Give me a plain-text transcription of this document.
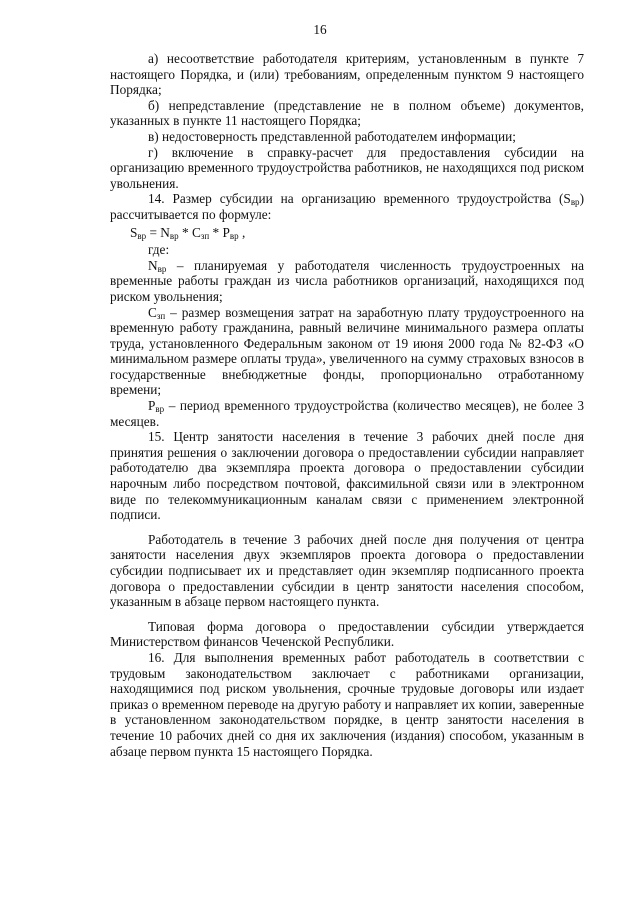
16

а) несоответствие работодателя критериям, установленным в пункте 7 настоящего Порядка, и (или) требованиям, определенным пунктом 9 настоящего Порядка;

б) непредставление (представление не в полном объеме) документов, указанных в пункте 11 настоящего Порядка;

в) недостоверность представленной работодателем информации;

г) включение в справку-расчет для предоставления субсидии на организацию временного трудоустройства работников, не находящихся под риском увольнения.

14. Размер субсидии на организацию временного трудоустройства $(S_{вр})$ рассчитывается по формуле:

$S_{вр} = N_{вр} * C_{зп} * P_{вр}$ ,

где:

$N_{вр}$ – планируемая у работодателя численность трудоустроенных на временные работы граждан из числа работников организаций, находящихся под риском увольнения;

$C_{зп}$ – размер возмещения затрат на заработную плату трудоустроенного на временную работу гражданина, равный величине минимального размера оплаты труда, установленного Федеральным законом от 19 июня 2000 года № 82-ФЗ «О минимальном размере оплаты труда», увеличенного на сумму страховых взносов в государственные внебюджетные фонды, пропорционально отработанному времени;

$P_{вр}$ – период временного трудоустройства (количество месяцев), не более 3 месяцев.

15. Центр занятости населения в течение 3 рабочих дней после дня принятия решения о заключении договора о предоставлении субсидии направляет работодателю два экземпляра проекта договора о предоставлении субсидии нарочным либо посредством почтовой, факсимильной связи или в электронном виде по телекоммуникационным каналам связи с применением электронной подписи.

Работодатель в течение 3 рабочих дней после дня получения от центра занятости населения двух экземпляров проекта договора о предоставлении субсидии подписывает их и представляет один экземпляр подписанного проекта договора о предоставлении субсидии в центр занятости населения способом, указанным в абзаце первом настоящего пункта.

Типовая форма договора о предоставлении субсидии утверждается Министерством финансов Чеченской Республики.

16. Для выполнения временных работ работодатель в соответствии с трудовым законодательством заключает с работниками организации, находящимися под риском увольнения, срочные трудовые договоры или издает приказ о временном переводе на другую работу и направляет их копии, заверенные в установленном законодательством порядке, в центр занятости населения в течение 10 рабочих дней со дня их заключения (издания) способом, указанным в абзаце первом пункта 15 настоящего Порядка.
